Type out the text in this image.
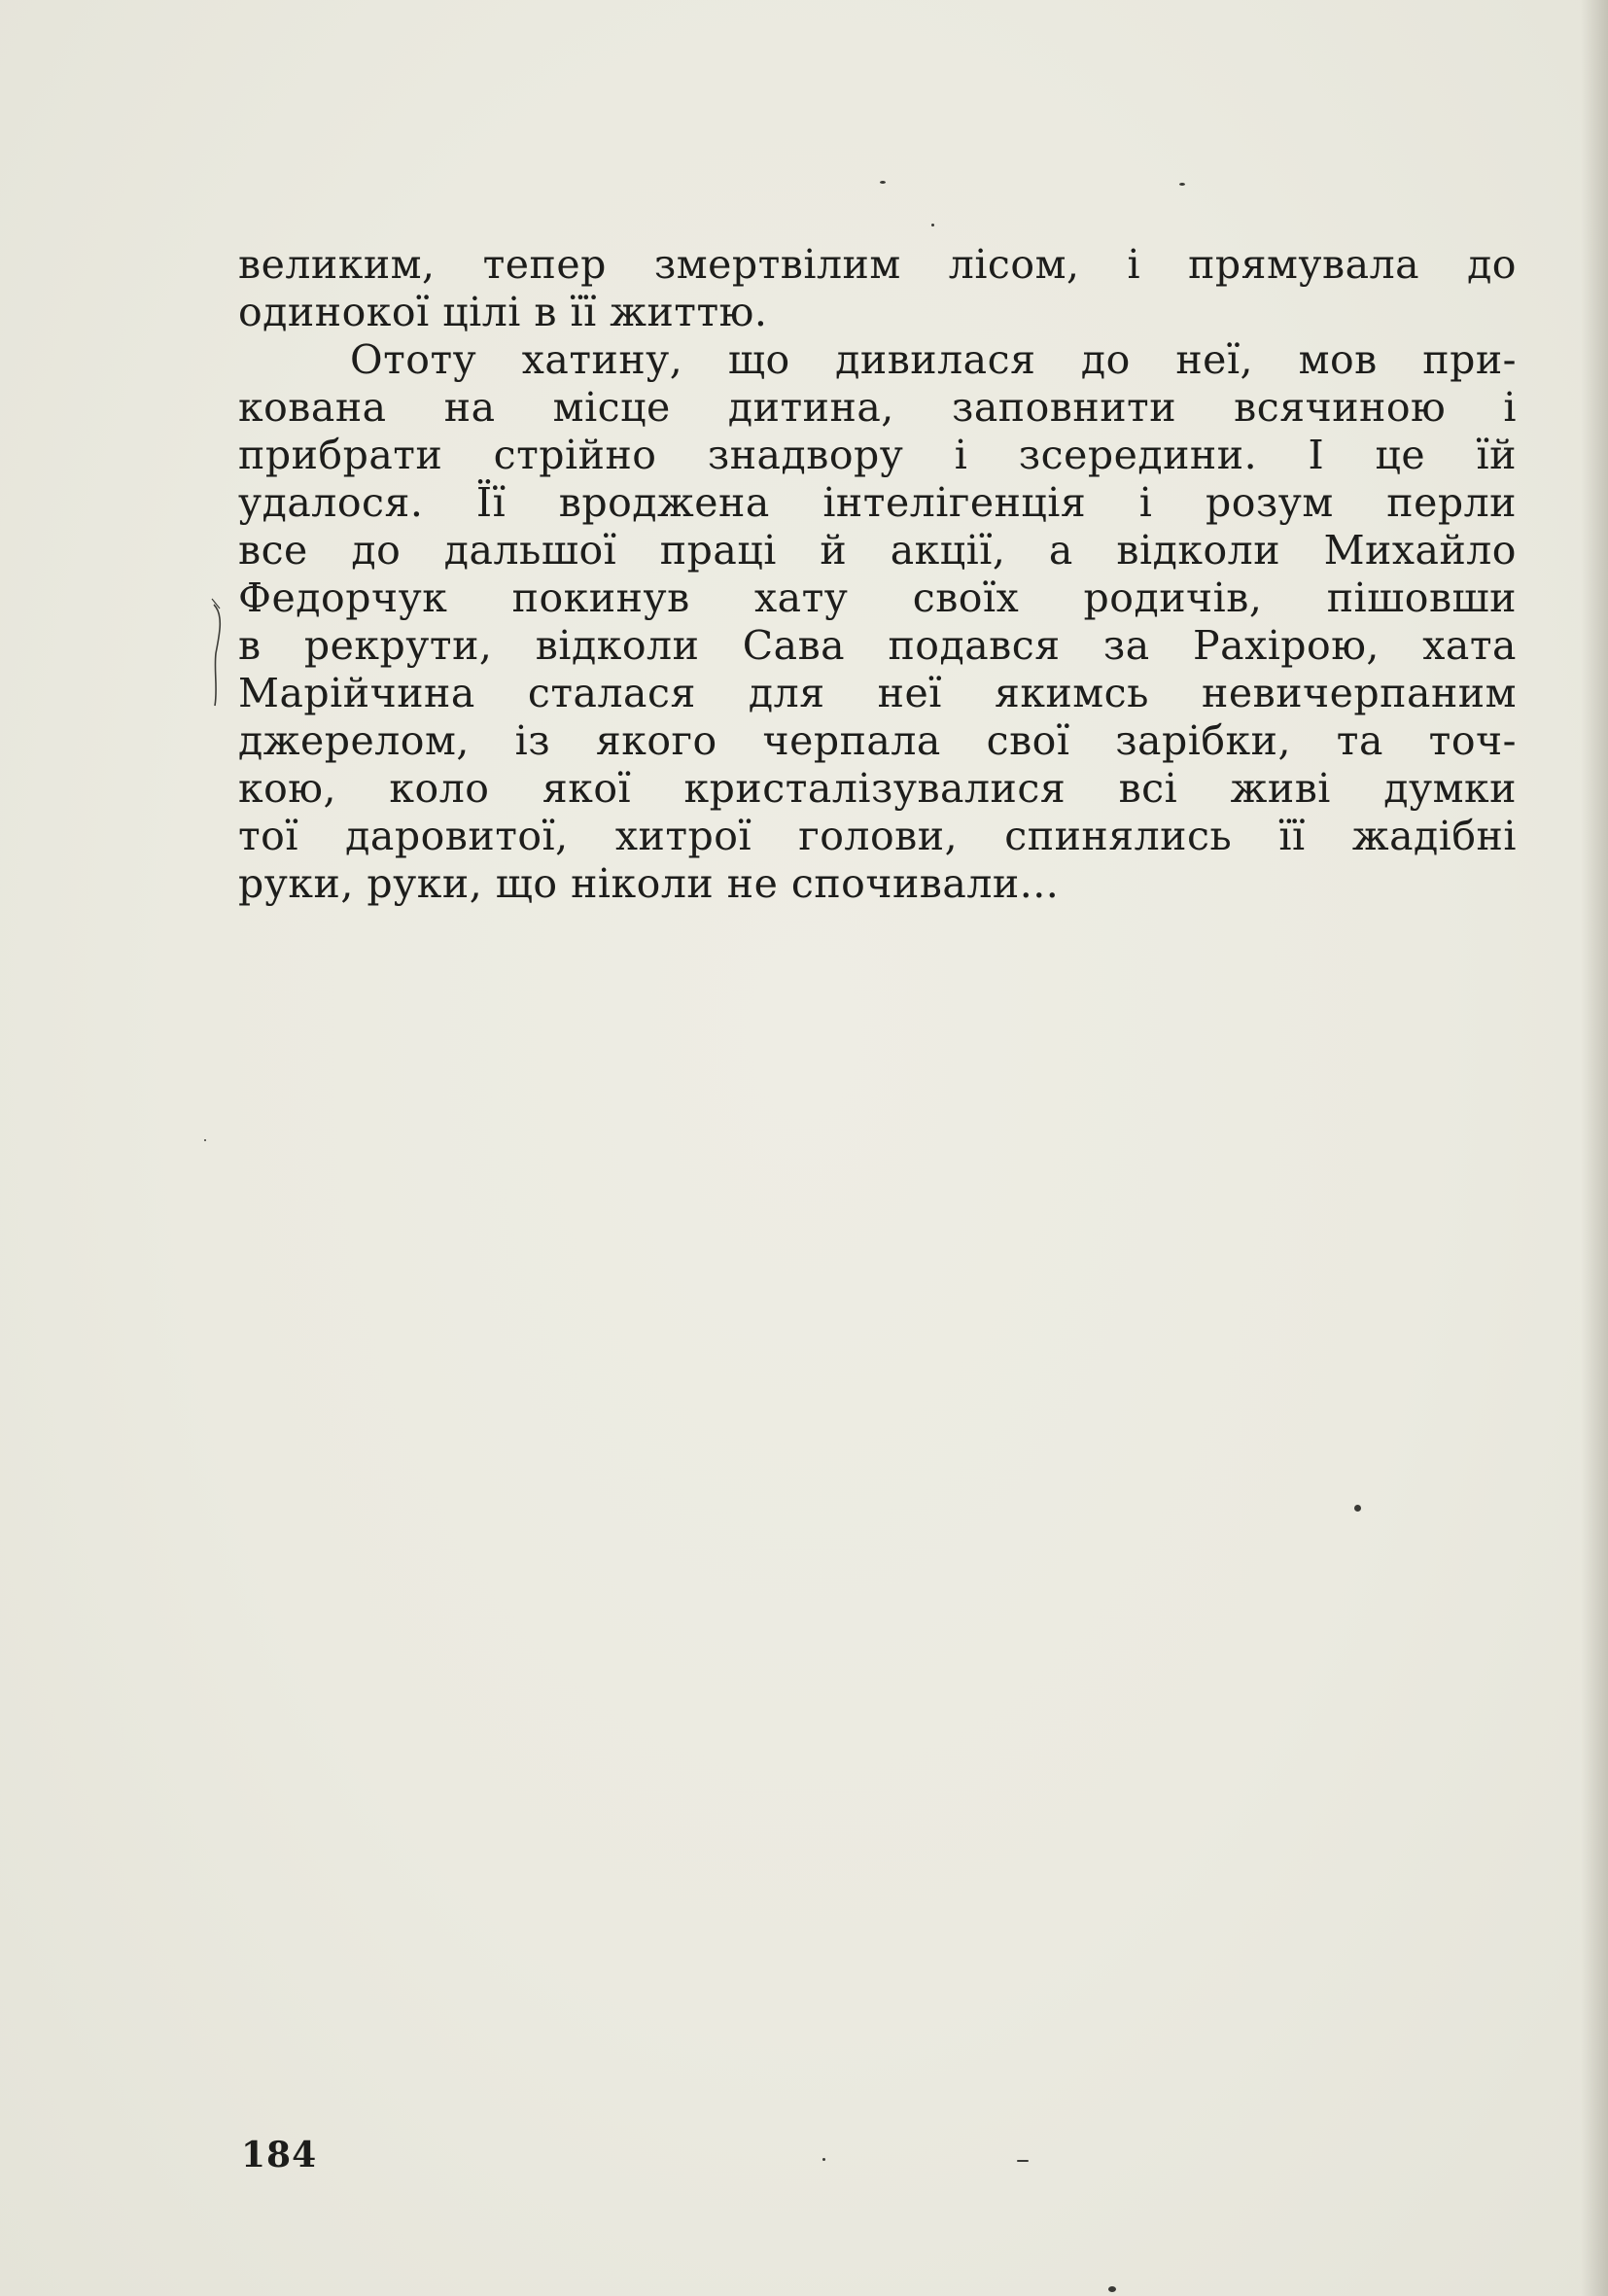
великим, тепер змертвілим лісом, і прямувала до
одинокої цілі в її життю.
Ототу хатину, що дивилася до неї, мов при-
кована на місце дитина, заповнити всячиною і
прибрати стрійно знадвору і зсередини. І це їй
удалося. Її вроджена інтелігенція і розум перли
все до дальшої праці й акції, а відколи Михайло
Федорчук покинув хату своїх родичів, пішовши
в рекрути, відколи Сава подався за Рахірою, хата
Марійчина сталася для неї якимсь невичерпаним
джерелом, із якого черпала свої зарібки, та точ-
кою, коло якої кристалізувалися всі живі думки
тої даровитої, хитрої голови, спинялись її жадібні
руки, руки, що ніколи не спочивали...
184
